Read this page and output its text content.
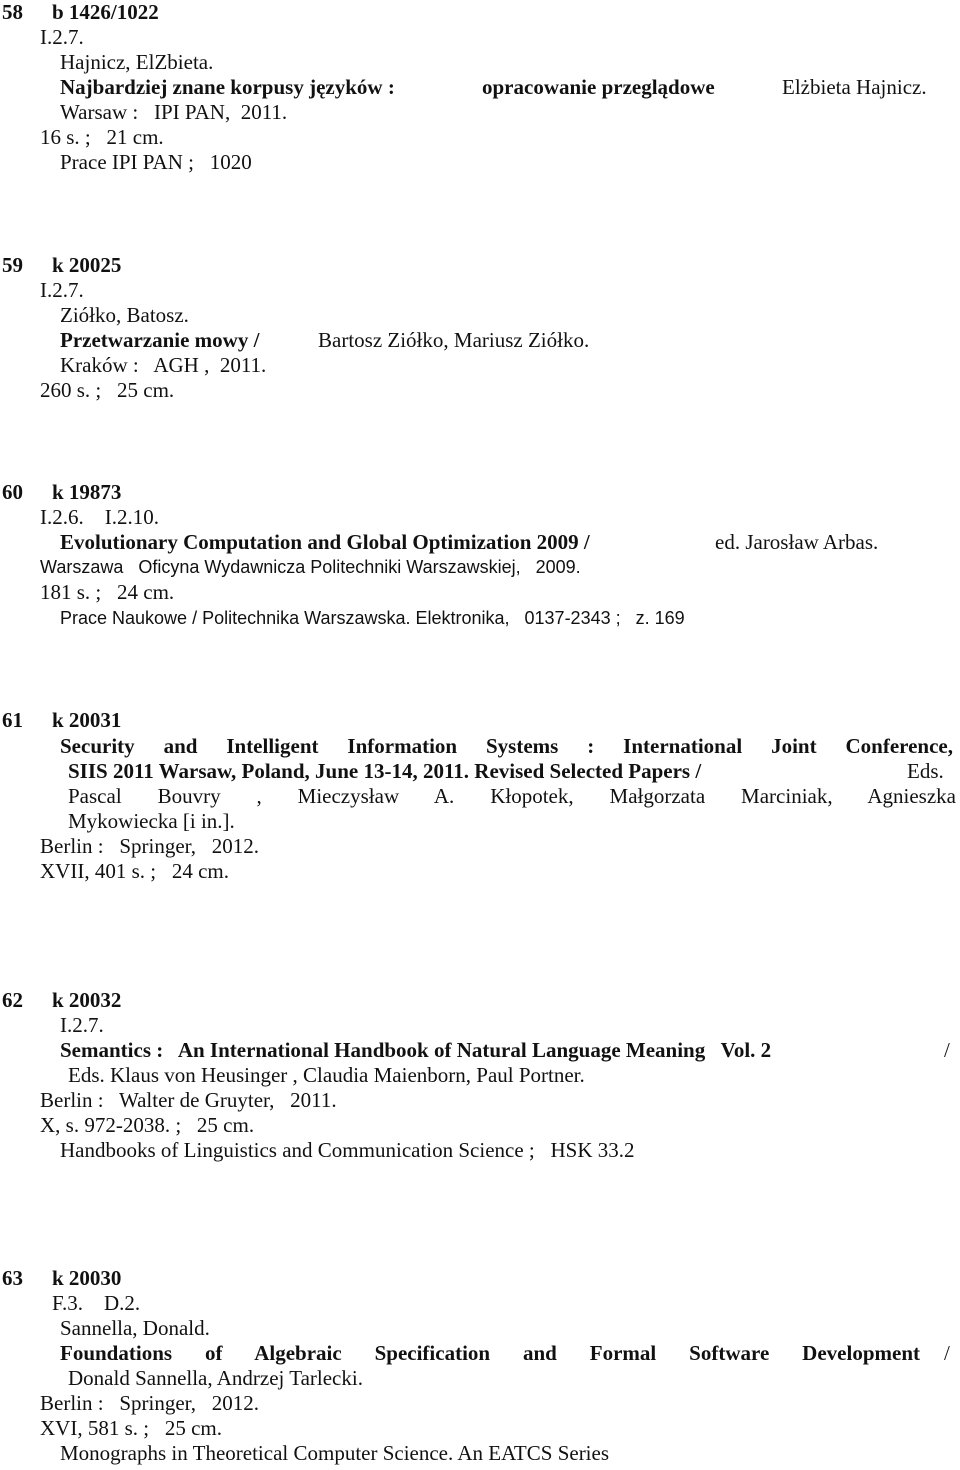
58 b 1426/1022
I.2.7.
Hajnicz, ElZbieta.
Najbardziej znane korpusy języków :	opracowanie przeglądowe	Elżbieta Hajnicz.
Warsaw :   IPI PAN,  2011.
16 s. ;   21 cm.
Prace IPI PAN ;   1020
59 k 20025
I.2.7.
Ziółko, Batosz.
Przetwarzanie mowy /	Bartosz Ziółko, Mariusz Ziółko.
Kraków :   AGH ,  2011.
260 s. ;   25 cm.
60 k 19873
I.2.6.    I.2.10.
Evolutionary Computation and Global Optimization 2009 /	ed. Jarosław Arbas.
Warszawa   Oficyna Wydawnicza Politechniki Warszawskiej,   2009.
181 s. ;   24 cm.
Prace Naukowe / Politechnika Warszawska. Elektronika,   0137-2343 ;   z. 169
61 k 20031
Security and Intelligent Information Systems : International Joint Conference,
SIIS 2011 Warsaw, Poland, June 13-14, 2011. Revised Selected Papers /	Eds.
Pascal Bouvry , Mieczysław A. Kłopotek, Małgorzata Marciniak, Agnieszka
Mykowiecka [i in.].
Berlin :   Springer,   2012.
XVII, 401 s. ;   24 cm.
62 k 20032
I.2.7.
Semantics :   An International Handbook of Natural Language Meaning   Vol. 2	/
Eds. Klaus von Heusinger , Claudia Maienborn, Paul Portner.
Berlin :   Walter de Gruyter,   2011.
X, s. 972-2038. ;   25 cm.
Handbooks of Linguistics and Communication Science ;   HSK 33.2
63 k 20030
F.3.    D.2.
Sannella, Donald.
Foundations of Algebraic Specification and Formal Software Development /
Donald Sannella, Andrzej Tarlecki.
Berlin :   Springer,   2012.
XVI, 581 s. ;   25 cm.
Monographs in Theoretical Computer Science. An EATCS Series
